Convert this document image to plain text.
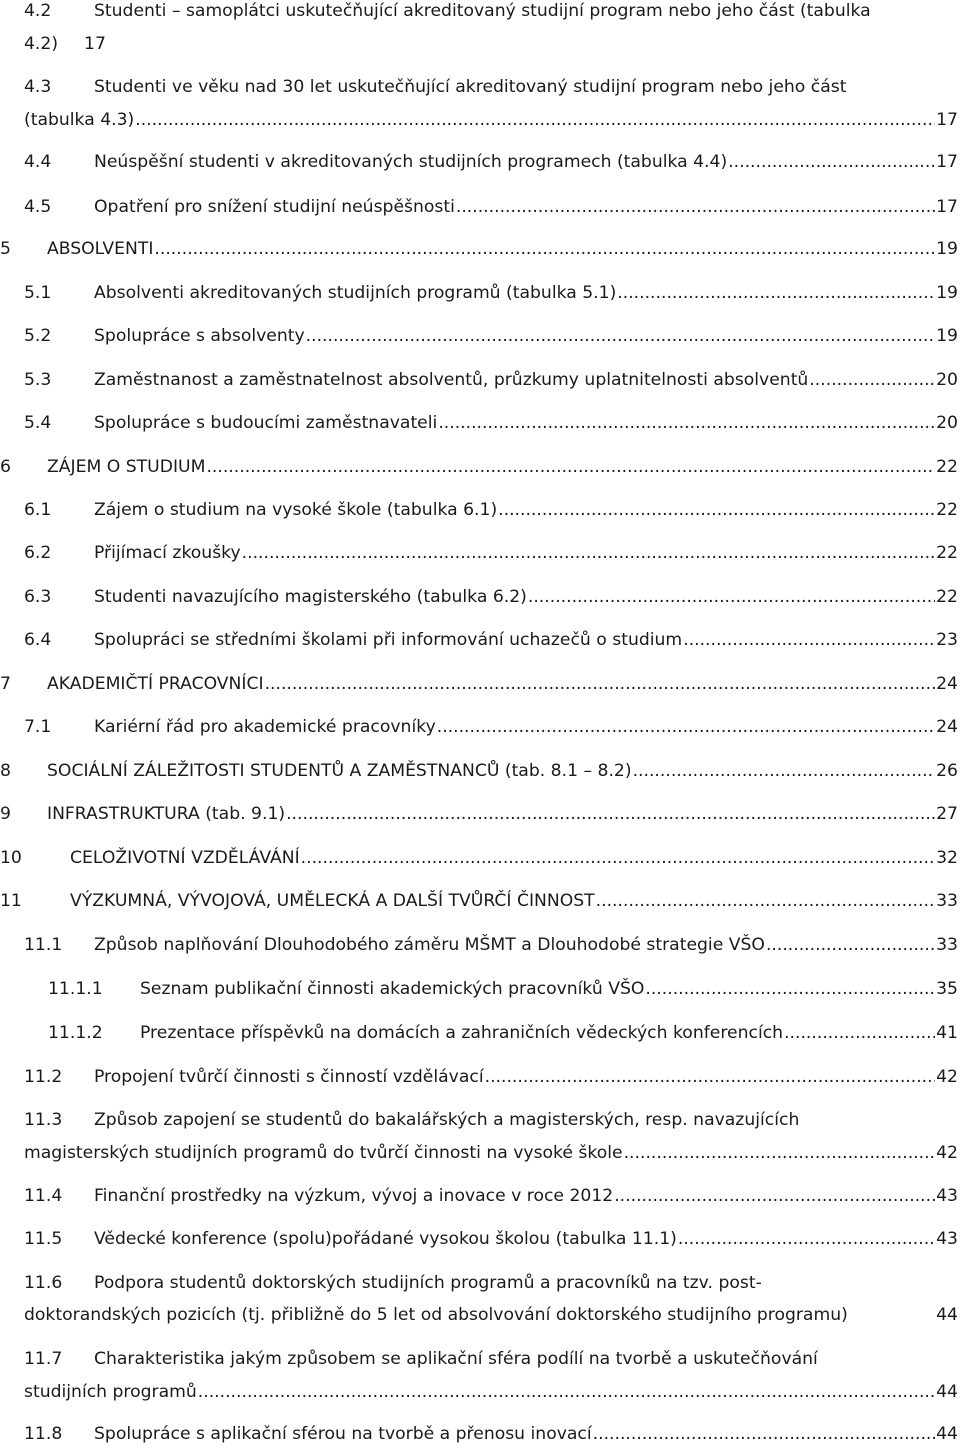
4.2 Studenti – samoplátci uskutečňující akreditovaný studijní program nebo jeho část (tabulka
4.2) 17
4.3 Studenti ve věku nad 30 let uskutečňující akreditovaný studijní program nebo jeho část
(tabulka 4.3) .....	17
4.4 Neúspěšní studenti v akreditovaných studijních programech (tabulka 4.4) .....	17
4.5 Opatření pro snížení studijní neúspěšnosti .....	17
5 ABSOLVENTI .....	19
5.1 Absolventi akreditovaných studijních programů (tabulka 5.1) .....	19
5.2 Spolupráce s absolventy .....	19
5.3 Zaměstnanost a zaměstnatelnost absolventů, průzkumy uplatnitelnosti absolventů .....	20
5.4 Spolupráce s budoucími zaměstnavateli .....	20
6 ZÁJEM O STUDIUM .....	22
6.1 Zájem o studium na vysoké škole (tabulka 6.1) .....	22
6.2 Přijímací zkoušky .....	22
6.3 Studenti navazujícího magisterského (tabulka 6.2) .....	22
6.4 Spolupráci se středními školami při informování uchazečů o studium .....	23
7 AKADEMIČTÍ PRACOVNÍCI .....	24
7.1 Kariérní řád pro akademické pracovníky .....	24
8 SOCIÁLNÍ ZÁLEŽITOSTI STUDENTŮ A ZAMĚSTNANCŮ (tab. 8.1 – 8.2) .....	26
9 INFRASTRUKTURA (tab. 9.1) .....	27
10	CELOŽIVOTNÍ VZDĚLÁVÁNÍ .....	32
11	VÝZKUMNÁ, VÝVOJOVÁ, UMĚLECKÁ A DALŠÍ TVŮRČÍ ČINNOST .....	33
11.1 Způsob naplňování Dlouhodobého záměru MŠMT a Dlouhodobé strategie VŠO .....	33
11.1.1 Seznam publikační činnosti akademických pracovníků VŠO .....	35
11.1.2 Prezentace příspěvků na domácích a zahraničních vědeckých konferencích .....	41
11.2 Propojení tvůrčí činnosti s činností vzdělávací .....	42
11.3 Způsob zapojení se studentů do bakalářských a magisterských, resp. navazujících
magisterských studijních programů do tvůrčí činnosti na vysoké škole .....	42
11.4 Finanční prostředky na výzkum, vývoj a inovace v roce 2012 .....	43
11.5 Vědecké konference (spolu)pořádané vysokou školou (tabulka 11.1) .....	43
11.6 Podpora studentů doktorských studijních programů a pracovníků na tzv. post-
doktorandských pozicích (tj. přibližně do 5 let od absolvování doktorského studijního programu)	44
11.7 Charakteristika jakým způsobem se aplikační sféra podílí na tvorbě a uskutečňování
studijních programů .....	44
11.8 Spolupráce s aplikační sférou na tvorbě a přenosu inovací .....	44
